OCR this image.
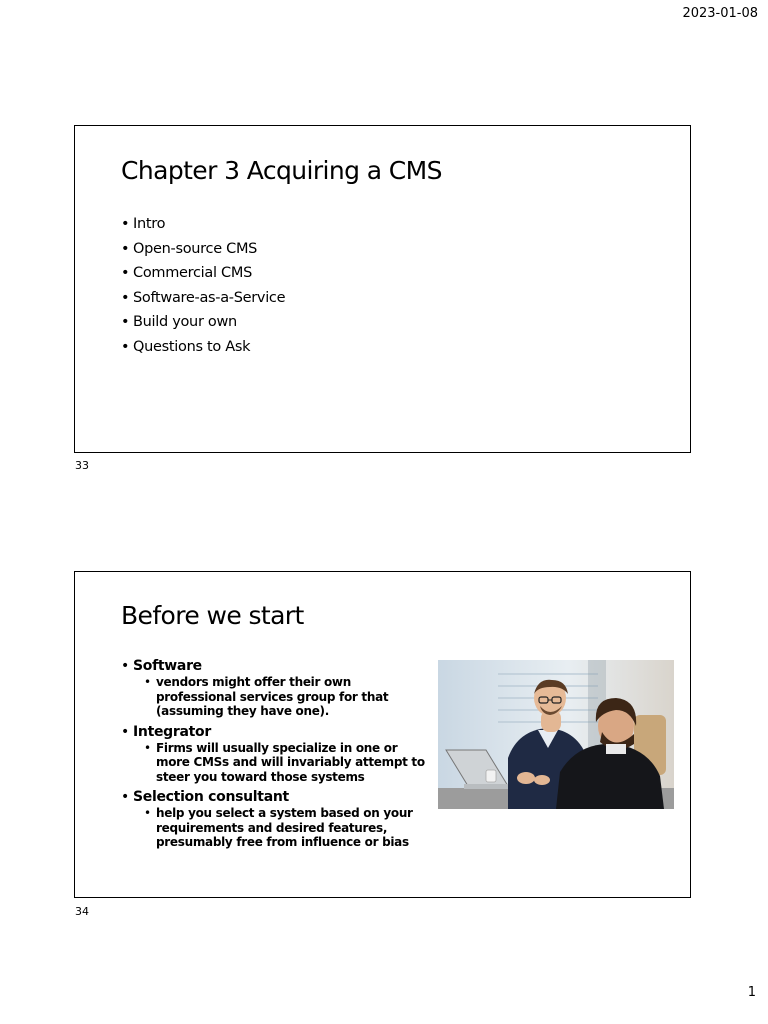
2023-01-08
Chapter 3 Acquiring a CMS
• Intro
• Open-source CMS
• Commercial CMS
• Software-as-a-Service
• Build your own
• Questions to Ask
33
Before we start
• Software
• vendors might offer their own professional services group for that (assuming they have one).
• Integrator
• Firms will usually specialize in one or more CMSs and will invariably attempt to steer you toward those systems
• Selection consultant
• help you select a system based on your requirements and desired features, presumably free from influence or bias
34
1
